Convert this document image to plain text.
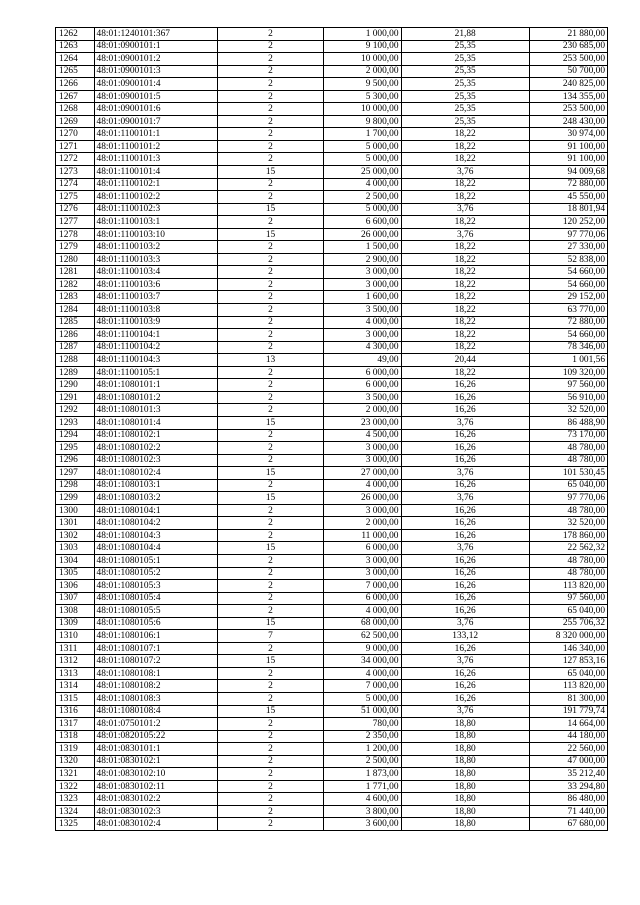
1262	48:01:1240101:367	2	1 000,00	21,88	21 880,00
1263	48:01:0900101:1	2	9 100,00	25,35	230 685,00
1264	48:01:0900101:2	2	10 000,00	25,35	253 500,00
1265	48:01:0900101:3	2	2 000,00	25,35	50 700,00
1266	48:01:0900101:4	2	9 500,00	25,35	240 825,00
1267	48:01:0900101:5	2	5 300,00	25,35	134 355,00
1268	48:01:0900101:6	2	10 000,00	25,35	253 500,00
1269	48:01:0900101:7	2	9 800,00	25,35	248 430,00
1270	48:01:1100101:1	2	1 700,00	18,22	30 974,00
1271	48:01:1100101:2	2	5 000,00	18,22	91 100,00
1272	48:01:1100101:3	2	5 000,00	18,22	91 100,00
1273	48:01:1100101:4	15	25 000,00	3,76	94 009,68
1274	48:01:1100102:1	2	4 000,00	18,22	72 880,00
1275	48:01:1100102:2	2	2 500,00	18,22	45 550,00
1276	48:01:1100102:3	15	5 000,00	3,76	18 801,94
1277	48:01:1100103:1	2	6 600,00	18,22	120 252,00
1278	48:01:1100103:10	15	26 000,00	3,76	97 770,06
1279	48:01:1100103:2	2	1 500,00	18,22	27 330,00
1280	48:01:1100103:3	2	2 900,00	18,22	52 838,00
1281	48:01:1100103:4	2	3 000,00	18,22	54 660,00
1282	48:01:1100103:6	2	3 000,00	18,22	54 660,00
1283	48:01:1100103:7	2	1 600,00	18,22	29 152,00
1284	48:01:1100103:8	2	3 500,00	18,22	63 770,00
1285	48:01:1100103:9	2	4 000,00	18,22	72 880,00
1286	48:01:1100104:1	2	3 000,00	18,22	54 660,00
1287	48:01:1100104:2	2	4 300,00	18,22	78 346,00
1288	48:01:1100104:3	13	49,00	20,44	1 001,56
1289	48:01:1100105:1	2	6 000,00	18,22	109 320,00
1290	48:01:1080101:1	2	6 000,00	16,26	97 560,00
1291	48:01:1080101:2	2	3 500,00	16,26	56 910,00
1292	48:01:1080101:3	2	2 000,00	16,26	32 520,00
1293	48:01:1080101:4	15	23 000,00	3,76	86 488,90
1294	48:01:1080102:1	2	4 500,00	16,26	73 170,00
1295	48:01:1080102:2	2	3 000,00	16,26	48 780,00
1296	48:01:1080102:3	2	3 000,00	16,26	48 780,00
1297	48:01:1080102:4	15	27 000,00	3,76	101 530,45
1298	48:01:1080103:1	2	4 000,00	16,26	65 040,00
1299	48:01:1080103:2	15	26 000,00	3,76	97 770,06
1300	48:01:1080104:1	2	3 000,00	16,26	48 780,00
1301	48:01:1080104:2	2	2 000,00	16,26	32 520,00
1302	48:01:1080104:3	2	11 000,00	16,26	178 860,00
1303	48:01:1080104:4	15	6 000,00	3,76	22 562,32
1304	48:01:1080105:1	2	3 000,00	16,26	48 780,00
1305	48:01:1080105:2	2	3 000,00	16,26	48 780,00
1306	48:01:1080105:3	2	7 000,00	16,26	113 820,00
1307	48:01:1080105:4	2	6 000,00	16,26	97 560,00
1308	48:01:1080105:5	2	4 000,00	16,26	65 040,00
1309	48:01:1080105:6	15	68 000,00	3,76	255 706,32
1310	48:01:1080106:1	7	62 500,00	133,12	8 320 000,00
1311	48:01:1080107:1	2	9 000,00	16,26	146 340,00
1312	48:01:1080107:2	15	34 000,00	3,76	127 853,16
1313	48:01:1080108:1	2	4 000,00	16,26	65 040,00
1314	48:01:1080108:2	2	7 000,00	16,26	113 820,00
1315	48:01:1080108:3	2	5 000,00	16,26	81 300,00
1316	48:01:1080108:4	15	51 000,00	3,76	191 779,74
1317	48:01:0750101:2	2	780,00	18,80	14 664,00
1318	48:01:0820105:22	2	2 350,00	18,80	44 180,00
1319	48:01:0830101:1	2	1 200,00	18,80	22 560,00
1320	48:01:0830102:1	2	2 500,00	18,80	47 000,00
1321	48:01:0830102:10	2	1 873,00	18,80	35 212,40
1322	48:01:0830102:11	2	1 771,00	18,80	33 294,80
1323	48:01:0830102:2	2	4 600,00	18,80	86 480,00
1324	48:01:0830102:3	2	3 800,00	18,80	71 440,00
1325	48:01:0830102:4	2	3 600,00	18,80	67 680,00
